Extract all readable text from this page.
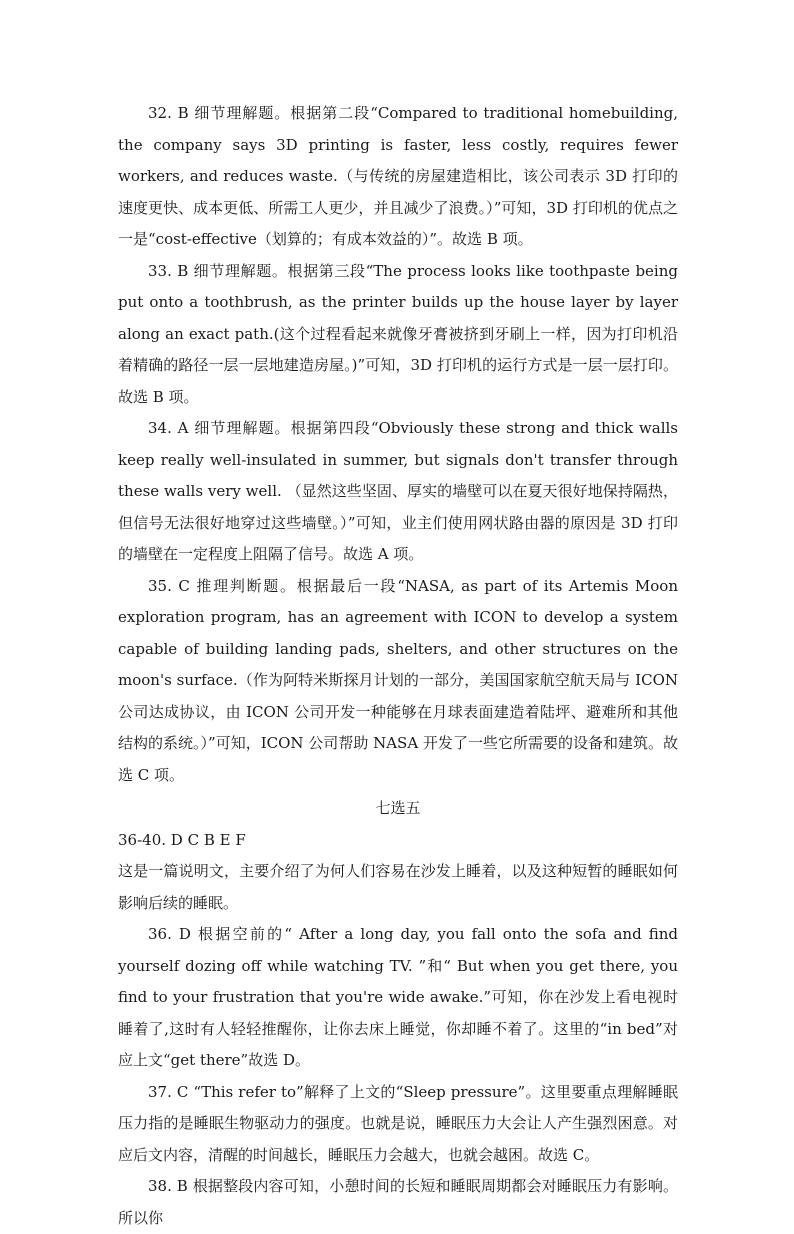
32. B 细节理解题。根据第二段“Compared to traditional homebuilding, the company says 3D printing is faster, less costly, requires fewer workers, and reduces waste.（与传统的房屋建造相比，该公司表示 3D 打印的速度更快、成本更低、所需工人更少，并且减少了浪费。）”可知，3D 打印机的优点之一是“cost-effective（划算的；有成本效益的）”。故选 B 项。

33. B 细节理解题。根据第三段“The process looks like toothpaste being put onto a toothbrush, as the printer builds up the house layer by layer along an exact path.(这个过程看起来就像牙膏被挤到牙刷上一样，因为打印机沿着精确的路径一层一层地建造房屋。)”可知，3D 打印机的运行方式是一层一层打印。故选 B 项。

34. A 细节理解题。根据第四段“Obviously these strong and thick walls keep really well-insulated in summer, but signals don't transfer through these walls very well. （显然这些坚固、厚实的墙壁可以在夏天很好地保持隔热，但信号无法很好地穿过这些墙壁。）”可知，业主们使用网状路由器的原因是 3D 打印的墙壁在一定程度上阻隔了信号。故选 A 项。

35. C 推理判断题。根据最后一段“NASA, as part of its Artemis Moon exploration program, has an agreement with ICON to develop a system capable of building landing pads, shelters, and other structures on the moon's surface.（作为阿特米斯探月计划的一部分，美国国家航空航天局与 ICON 公司达成协议，由 ICON 公司开发一种能够在月球表面建造着陆坪、避难所和其他结构的系统。）”可知，ICON 公司帮助 NASA 开发了一些它所需要的设备和建筑。故选 C 项。

七选五

36-40. D C B E F

这是一篇说明文，主要介绍了为何人们容易在沙发上睡着，以及这种短暂的睡眠如何影响后续的睡眠。

36. D 根据空前的“ After a long day, you fall onto the sofa and find yourself dozing off while watching TV. ”和“ But when you get there, you find to your frustration that you're wide awake.”可知，你在沙发上看电视时睡着了,这时有人轻轻推醒你，让你去床上睡觉，你却睡不着了。这里的“in bed”对应上文“get there”故选 D。

37. C “This refer to”解释了上文的“Sleep pressure”。这里要重点理解睡眠压力指的是睡眠生物驱动力的强度。也就是说，睡眠压力大会让人产生强烈困意。对应后文内容，清醒的时间越长，睡眠压力会越大，也就会越困。故选 C。

38. B 根据整段内容可知，小憩时间的长短和睡眠周期都会对睡眠压力有影响。所以你
